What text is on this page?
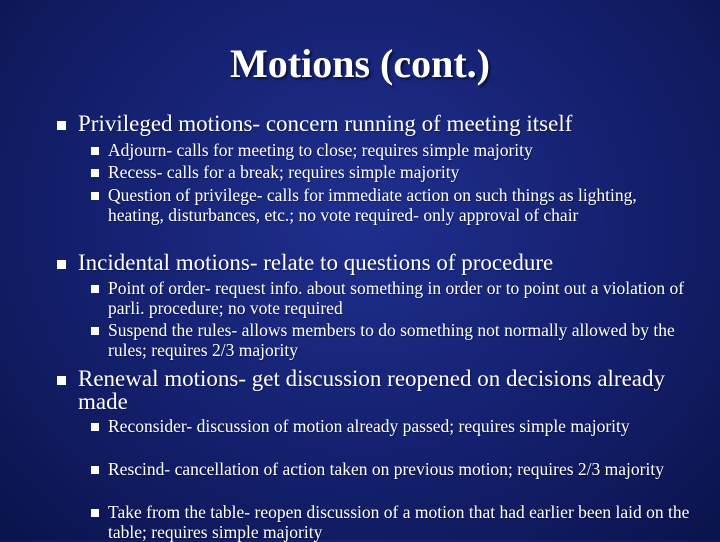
Motions (cont.)
Privileged motions- concern running of meeting itself
Adjourn- calls for meeting to close; requires simple majority
Recess- calls for a break; requires simple majority
Question of privilege- calls for immediate action on such things as lighting, heating, disturbances, etc.; no vote required- only approval of chair
Incidental motions- relate to questions of procedure
Point of order- request info. about something in order or to point out a violation of parli. procedure; no vote required
Suspend the rules- allows members to do something not normally allowed by the rules; requires 2/3 majority
Renewal motions- get discussion reopened on decisions already made
Reconsider- discussion of motion already passed; requires simple majority
Rescind- cancellation of action taken on previous motion; requires 2/3 majority
Take from the table- reopen discussion of a motion that had earlier been laid on the table; requires simple majority
